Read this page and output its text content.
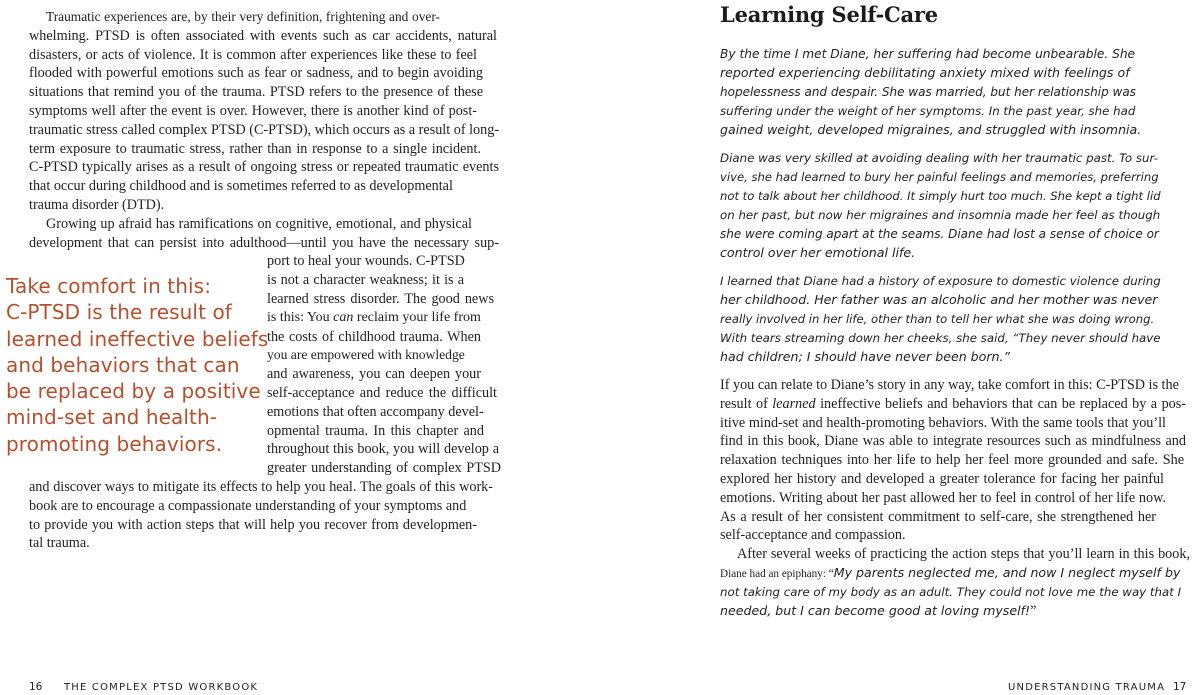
Traumatic experiences are, by their very definition, frightening and over-
whelming. PTSD is often associated with events such as car accidents, natural
disasters, or acts of violence. It is common after experiences like these to feel
flooded with powerful emotions such as fear or sadness, and to begin avoiding
situations that remind you of the trauma. PTSD refers to the presence of these
symptoms well after the event is over. However, there is another kind of post-
traumatic stress called complex PTSD (C-PTSD), which occurs as a result of long-
term exposure to traumatic stress, rather than in response to a single incident.
C-PTSD typically arises as a result of ongoing stress or repeated traumatic events
that occur during childhood and is sometimes referred to as developmental
trauma disorder (DTD).
Growing up afraid has ramifications on cognitive, emotional, and physical
development that can persist into adulthood—until you have the necessary sup-
port to heal your wounds. C-PTSD
is not a character weakness; it is a
learned stress disorder. The good news
is this: You can reclaim your life from
the costs of childhood trauma. When
you are empowered with knowledge
and awareness, you can deepen your
self-acceptance and reduce the difficult
emotions that often accompany devel-
opmental trauma. In this chapter and
throughout this book, you will develop a
greater understanding of complex PTSD
and discover ways to mitigate its effects to help you heal. The goals of this work-
book are to encourage a compassionate understanding of your symptoms and
to provide you with action steps that will help you recover from developmen-
tal trauma.
Take comfort in this:
C-PTSD is the result of
learned ineffective beliefs
and behaviors that can
be replaced by a positive
mind-set and health-
promoting behaviors.
16 THE COMPLEX PTSD WORKBOOK
Learning Self-Care
By the time I met Diane, her suffering had become unbearable. She
reported experiencing debilitating anxiety mixed with feelings of
hopelessness and despair. She was married, but her relationship was
suffering under the weight of her symptoms. In the past year, she had
gained weight, developed migraines, and struggled with insomnia.
Diane was very skilled at avoiding dealing with her traumatic past. To sur-
vive, she had learned to bury her painful feelings and memories, preferring
not to talk about her childhood. It simply hurt too much. She kept a tight lid
on her past, but now her migraines and insomnia made her feel as though
she were coming apart at the seams. Diane had lost a sense of choice or
control over her emotional life.
I learned that Diane had a history of exposure to domestic violence during
her childhood. Her father was an alcoholic and her mother was never
really involved in her life, other than to tell her what she was doing wrong.
With tears streaming down her cheeks, she said, “They never should have
had children; I should have never been born.”
If you can relate to Diane’s story in any way, take comfort in this: C-PTSD is the
result of learned ineffective beliefs and behaviors that can be replaced by a pos-
itive mind-set and health-promoting behaviors. With the same tools that you’ll
find in this book, Diane was able to integrate resources such as mindfulness and
relaxation techniques into her life to help her feel more grounded and safe. She
explored her history and developed a greater tolerance for facing her painful
emotions. Writing about her past allowed her to feel in control of her life now.
As a result of her consistent commitment to self-care, she strengthened her
self-acceptance and compassion.
After several weeks of practicing the action steps that you’ll learn in this book,
Diane had an epiphany: “My parents neglected me, and now I neglect myself by
not taking care of my body as an adult. They could not love me the way that I
needed, but I can become good at loving myself!”
UNDERSTANDING TRAUMA 17
